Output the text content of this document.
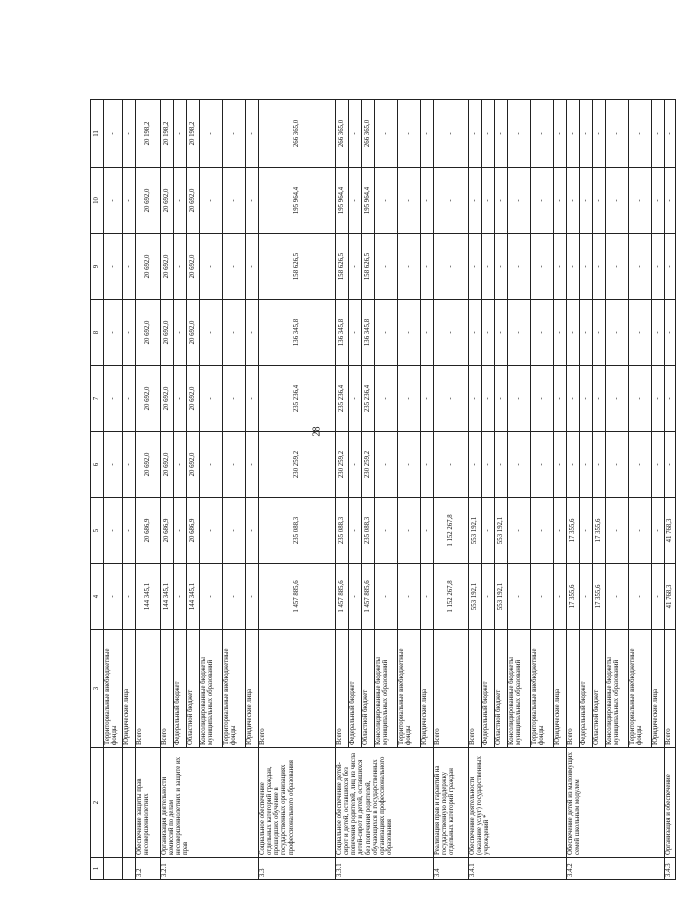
28
1	2	3	4	5	6	7	8	9	10	11
		Территориальные внебюджетные фонды	-	-	-	-	-	-	-	-
		Юридические лица	-	-	-	-	-	-	-	-
3.2	Обеспечение защиты прав несовершеннолетних	Всего	144 345,1	20 686,9	20 692,0	20 692,0	20 692,0	20 692,0	20 692,0	20 198,2
3.2.1	Организация деятельности комиссий по делам несовершеннолетних и защите их прав	Всего	144 345,1	20 686,9	20 692,0	20 692,0	20 692,0	20 692,0	20 692,0	20 198,2
		Федеральный бюджет	-	-	-	-	-	-	-	-
		Областной бюджет	144 345,1	20 686,9	20 692,0	20 692,0	20 692,0	20 692,0	20 692,0	20 198,2
		Консолидированные бюджеты муниципальных образований	-	-	-	-	-	-	-	-
		Территориальные внебюджетные фонды	-	-	-	-	-	-	-	-
		Юридические лица	-	-	-	-	-	-	-	-
3.3	Социальное обеспечение отдельных категорий граждан, прошедших обучение в государственных организациях профессионального образования	Всего	1 457 885,6	235 088,3	230 259,2	235 236,4	136 345,8	158 626,5	195 964,4	266 365,0
3.3.1	Социальное обеспечение детей-сирот и детей, оставшихся без попечения родителей, лиц из числа детей-сирот и детей, оставшихся без попечения родителей, обучающихся в государственных организациях профессионального образования	Всего	1 457 885,6	235 088,3	230 259,2	235 236,4	136 345,8	158 626,5	195 964,4	266 365,0
		Федеральный бюджет	-	-	-	-	-	-	-	-
		Областной бюджет	1 457 885,6	235 088,3	230 259,2	235 236,4	136 345,8	158 626,5	195 964,4	266 365,0
		Консолидированные бюджеты муниципальных образований	-	-	-	-	-	-	-	-
		Территориальные внебюджетные фонды	-	-	-	-	-	-	-	-
		Юридические лица	-	-	-	-	-	-	-	-
3.4	Реализация прав и гарантий на государственную поддержку отдельных категорий граждан	Всего	1 152 267,8	1 152 267,8	-	-	-	-	-	-
3.4.1	Обеспечение деятельности (оказание услуг) государственных учреждений *	Всего	553 192,1	553 192,1	-	-	-	-	-	-
		Федеральный бюджет	-	-	-	-	-	-	-	-
		Областной бюджет	553 192,1	553 192,1	-	-	-	-	-	-
		Консолидированные бюджеты муниципальных образований	-	-	-	-	-	-	-	-
		Территориальные внебюджетные фонды	-	-	-	-	-	-	-	-
		Юридические лица	-	-	-	-	-	-	-	-
3.4.2	Обеспечение детей из малоимущих семей школьным модулем	Всего	17 355,6	17 355,6	-	-	-	-	-	-
		Федеральный бюджет	-	-	-	-	-	-	-	-
		Областной бюджет	17 355,6	17 355,6	-	-	-	-	-	-
		Консолидированные бюджеты муниципальных образований	-	-	-	-	-	-	-	-
		Территориальные внебюджетные фонды	-	-	-	-	-	-	-	-
		Юридические лица	-	-	-	-	-	-	-	-
3.4.3	Организация и обеспечение	Всего	41 768,3	41 768,3	-	-	-	-	-	-
